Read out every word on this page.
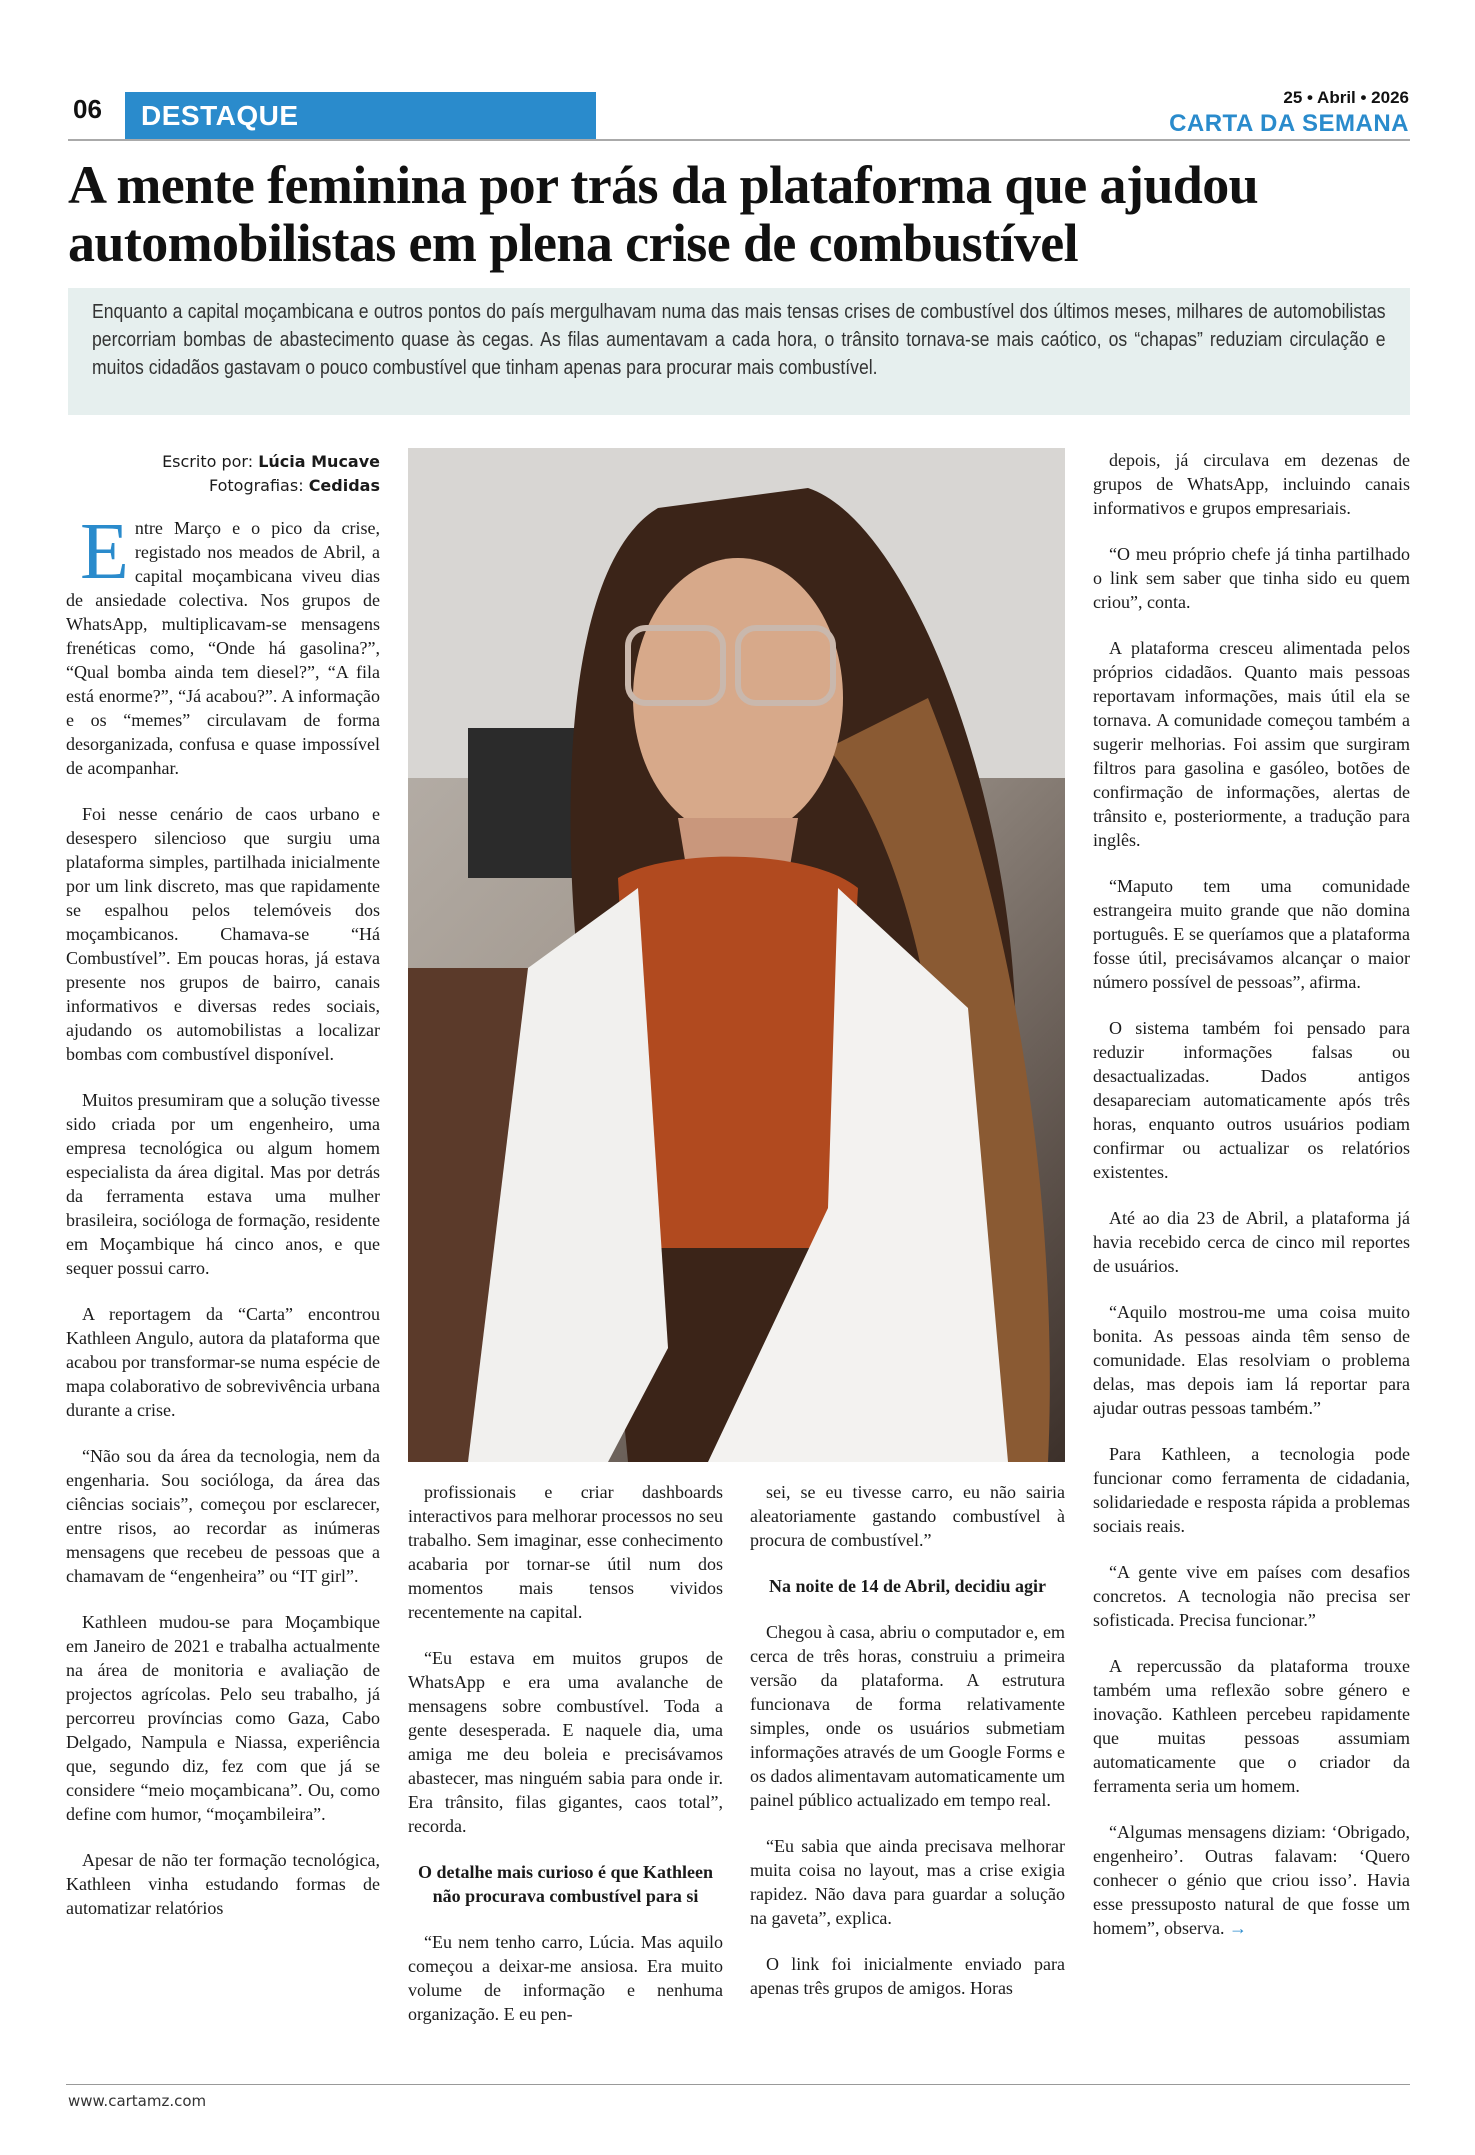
06	DESTAQUE
25 • Abril • 2026
CARTA DA SEMANA
A mente feminina por trás da plataforma que ajudou automobilistas em plena crise de combustível
Enquanto a capital moçambicana e outros pontos do país mergulhavam numa das mais tensas crises de combustível dos últimos meses, milhares de automobilistas percorriam bombas de abastecimento quase às cegas. As filas aumentavam a cada hora, o trânsito tornava-se mais caótico, os “chapas” reduziam circulação e muitos cidadãos gastavam o pouco combustível que tinham apenas para procurar mais combustível.
Escrito por: Lúcia Mucave
Fotografias: Cedidas

Entre Março e o pico da crise, registado nos meados de Abril, a capital moçambicana viveu dias de ansiedade colectiva. Nos grupos de WhatsApp, multiplicavam-se mensagens frenéticas como, “Onde há gasolina?”, “Qual bomba ainda tem diesel?”, “A fila está enorme?”, “Já acabou?”. A informação e os “memes” circulavam de forma desorganizada, confusa e quase impossível de acompanhar.

Foi nesse cenário de caos urbano e desespero silencioso que surgiu uma plataforma simples, partilhada inicialmente por um link discreto, mas que rapidamente se espalhou pelos telemóveis dos moçambicanos. Chamava-se “Há Combustível”. Em poucas horas, já estava presente nos grupos de bairro, canais informativos e diversas redes sociais, ajudando os automobilistas a localizar bombas com combustível disponível.

Muitos presumiram que a solução tivesse sido criada por um engenheiro, uma empresa tecnológica ou algum homem especialista da área digital. Mas por detrás da ferramenta estava uma mulher brasileira, socióloga de formação, residente em Moçambique há cinco anos, e que sequer possui carro.

A reportagem da “Carta” encontrou Kathleen Angulo, autora da plataforma que acabou por transformar-se numa espécie de mapa colaborativo de sobrevivência urbana durante a crise.

“Não sou da área da tecnologia, nem da engenharia. Sou socióloga, da área das ciências sociais”, começou por esclarecer, entre risos, ao recordar as inúmeras mensagens que recebeu de pessoas que a chamavam de “engenheira” ou “IT girl”.

Kathleen mudou-se para Moçambique em Janeiro de 2021 e trabalha actualmente na área de monitoria e avaliação de projectos agrícolas. Pelo seu trabalho, já percorreu províncias como Gaza, Cabo Delgado, Nampula e Niassa, experiência que, segundo diz, fez com que já se considere “meio moçambicana”. Ou, como define com humor, “moçambileira”.

Apesar de não ter formação tecnológica, Kathleen vinha estudando formas de automatizar relatórios

profissionais e criar dashboards interactivos para melhorar processos no seu trabalho. Sem imaginar, esse conhecimento acabaria por tornar-se útil num dos momentos mais tensos vividos recentemente na capital.

“Eu estava em muitos grupos de WhatsApp e era uma avalanche de mensagens sobre combustível. Toda a gente desesperada. E naquele dia, uma amiga me deu boleia e precisávamos abastecer, mas ninguém sabia para onde ir. Era trânsito, filas gigantes, caos total”, recorda.

O detalhe mais curioso é que Kathleen não procurava combustível para si

“Eu nem tenho carro, Lúcia. Mas aquilo começou a deixar-me ansiosa. Era muito volume de informação e nenhuma organização. E eu pen-

sei, se eu tivesse carro, eu não sairia aleatoriamente gastando combustível à procura de combustível.”

Na noite de 14 de Abril, decidiu agir

Chegou à casa, abriu o computador e, em cerca de três horas, construiu a primeira versão da plataforma. A estrutura funcionava de forma relativamente simples, onde os usuários submetiam informações através de um Google Forms e os dados alimentavam automaticamente um painel público actualizado em tempo real.

“Eu sabia que ainda precisava melhorar muita coisa no layout, mas a crise exigia rapidez. Não dava para guardar a solução na gaveta”, explica.

O link foi inicialmente enviado para apenas três grupos de amigos. Horas

depois, já circulava em dezenas de grupos de WhatsApp, incluindo canais informativos e grupos empresariais.

“O meu próprio chefe já tinha partilhado o link sem saber que tinha sido eu quem criou”, conta.

A plataforma cresceu alimentada pelos próprios cidadãos. Quanto mais pessoas reportavam informações, mais útil ela se tornava. A comunidade começou também a sugerir melhorias. Foi assim que surgiram filtros para gasolina e gasóleo, botões de confirmação de informações, alertas de trânsito e, posteriormente, a tradução para inglês.

“Maputo tem uma comunidade estrangeira muito grande que não domina português. E se queríamos que a plataforma fosse útil, precisávamos alcançar o maior número possível de pessoas”, afirma.

O sistema também foi pensado para reduzir informações falsas ou desactualizadas. Dados antigos desapareciam automaticamente após três horas, enquanto outros usuários podiam confirmar ou actualizar os relatórios existentes.

Até ao dia 23 de Abril, a plataforma já havia recebido cerca de cinco mil reportes de usuários.

“Aquilo mostrou-me uma coisa muito bonita. As pessoas ainda têm senso de comunidade. Elas resolviam o problema delas, mas depois iam lá reportar para ajudar outras pessoas também.”

Para Kathleen, a tecnologia pode funcionar como ferramenta de cidadania, solidariedade e resposta rápida a problemas sociais reais.

“A gente vive em países com desafios concretos. A tecnologia não precisa ser sofisticada. Precisa funcionar.”

A repercussão da plataforma trouxe também uma reflexão sobre género e inovação. Kathleen percebeu rapidamente que muitas pessoas assumiam automaticamente que o criador da ferramenta seria um homem.

“Algumas mensagens diziam: ‘Obrigado, engenheiro’. Outras falavam: ‘Quero conhecer o génio que criou isso’. Havia esse pressuposto natural de que fosse um homem”, observa. →

www.cartamz.com
